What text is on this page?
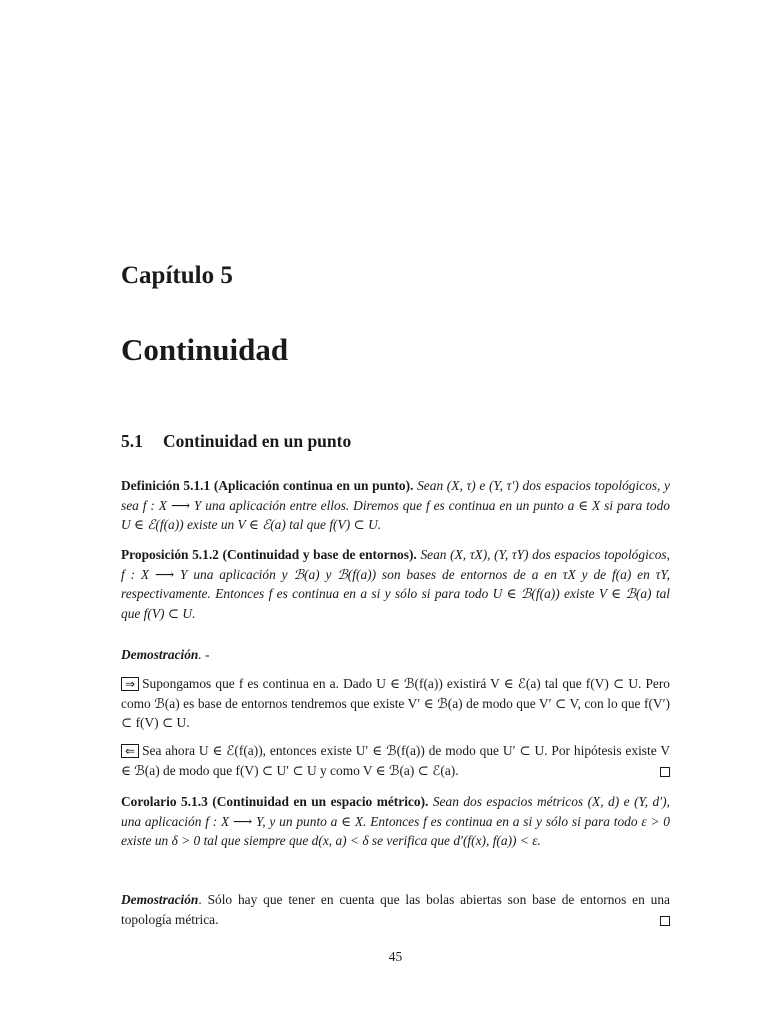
Capítulo 5
Continuidad
5.1 Continuidad en un punto

Definición 5.1.1 (Aplicación continua en un punto). Sean (X, τ) e (Y, τ′) dos espacios topológicos, y sea f : X ⟶ Y una aplicación entre ellos. Diremos que f es continua en un punto a ∈ X si para todo U ∈ ℰ(f(a)) existe un V ∈ ℰ(a) tal que f(V) ⊂ U.

Proposición 5.1.2 (Continuidad y base de entornos). Sean (X, τX), (Y, τY) dos espacios topológicos, f : X ⟶ Y una aplicación y ℬ(a) y ℬ(f(a)) son bases de entornos de a en τX y de f(a) en τY, respectivamente. Entonces f es continua en a si y sólo si para todo U ∈ ℬ(f(a)) existe V ∈ ℬ(a) tal que f(V) ⊂ U.

Demostración. -

⇒ Supongamos que f es continua en a. Dado U ∈ ℬ(f(a)) existirá V ∈ ℰ(a) tal que f(V) ⊂ U. Pero como ℬ(a) es base de entornos tendremos que existe V′ ∈ ℬ(a) de modo que V′ ⊂ V, con lo que f(V′) ⊂ f(V) ⊂ U.

⇐ Sea ahora U ∈ ℰ(f(a)), entonces existe U′ ∈ ℬ(f(a)) de modo que U′ ⊂ U. Por hipótesis existe V ∈ ℬ(a) de modo que f(V) ⊂ U′ ⊂ U y como V ∈ ℬ(a) ⊂ ℰ(a).

Corolario 5.1.3 (Continuidad en un espacio métrico). Sean dos espacios métricos (X, d) e (Y, d′), una aplicación f : X ⟶ Y, y un punto a ∈ X. Entonces f es continua en a si y sólo si para todo ε > 0 existe un δ > 0 tal que siempre que d(x, a) < δ se verifica que d′(f(x), f(a)) < ε.

Demostración. Sólo hay que tener en cuenta que las bolas abiertas son base de entornos en una topología métrica.

45
